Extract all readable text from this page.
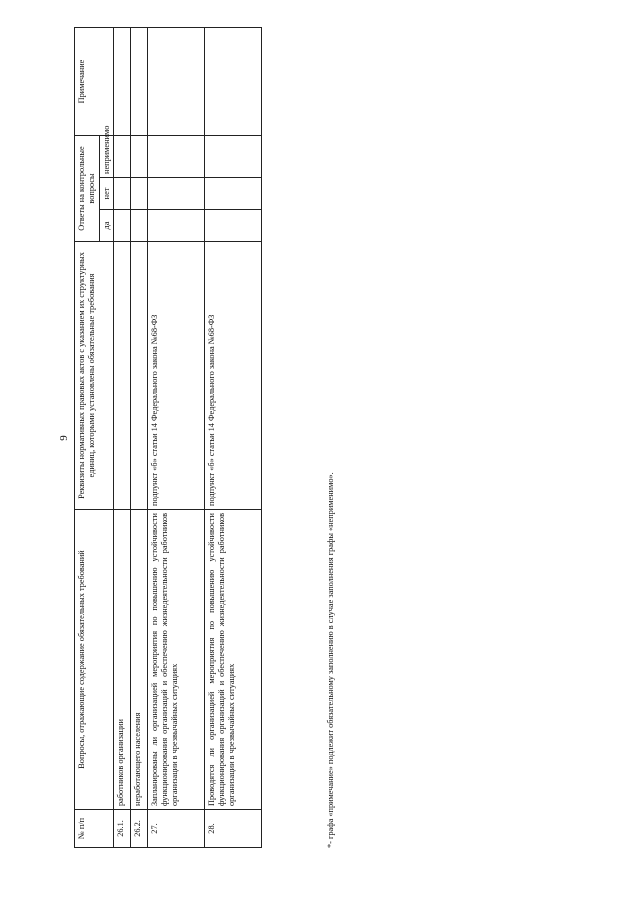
9
№ п/п	Вопросы, отражающие содержание обязательных требований	Реквизиты нормативных правовых актов с указанием их структурных единиц, которыми установлены обязательные требования	Ответы на контрольные вопросы			Примечание
			да	нет	неприменимо	
26.1.	работников организации					
26.2.	неработающего населения					
27.	Запланированы ли организацией мероприятия по повышению устойчивости функционирования организаций и обеспечению жизнедеятельности работников организации в чрезвычайных ситуациях	подпункт «б» статьи 14 Федерального закона №68-ФЗ				
28.	Проводятся ли организацией мероприятия по повышению устойчивости функционирования организаций и обеспечению жизнедеятельности работников организации в чрезвычайных ситуациях	подпункт «б» статьи 14 Федерального закона №68-ФЗ				
*- графа «примечание» подлежит обязательному заполнению в случае заполнения графы «неприменимо».
